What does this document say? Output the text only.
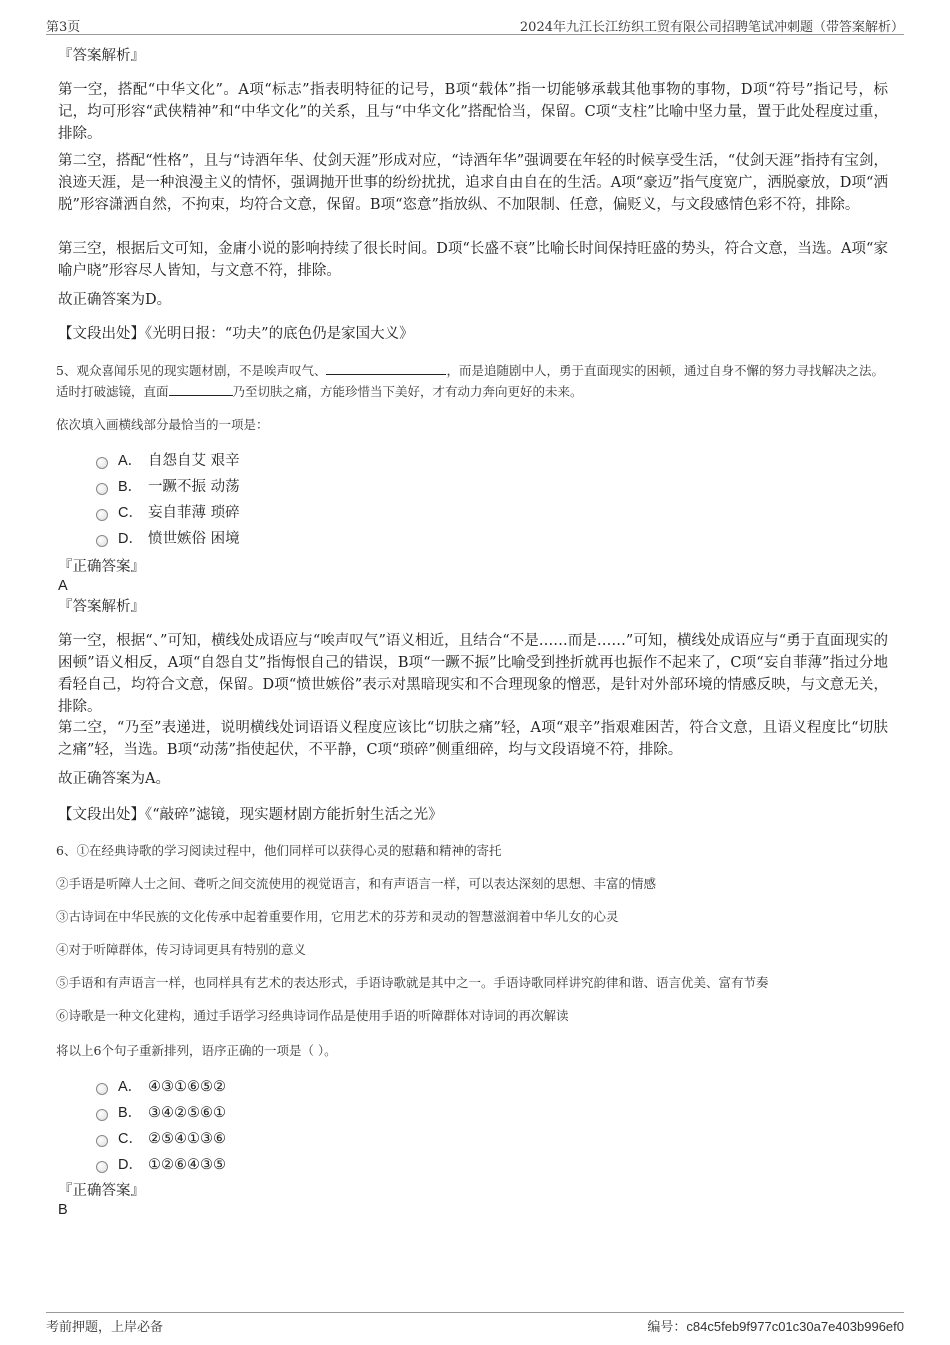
第3页	2024年九江长江纺织工贸有限公司招聘笔试冲刺题（带答案解析）
『答案解析』
第一空，搭配“中华文化”。A项“标志”指表明特征的记号，B项“载体”指一切能够承载其他事物的事物，D项“符号”指记号，标记，均可形容“武侠精神”和“中华文化”的关系，且与“中华文化”搭配恰当，保留。C项“支柱”比喻中坚力量，置于此处程度过重，排除。
第二空，搭配“性格”，且与“诗酒年华、仗剑天涯”形成对应，“诗酒年华”强调要在年轻的时候享受生活，“仗剑天涯”指持有宝剑，浪迹天涯，是一种浪漫主义的情怀，强调抛开世事的纷纷扰扰，追求自由自在的生活。A项“豪迈”指气度宽广，洒脱豪放，D项“洒脱”形容潇洒自然，不拘束，均符合文意，保留。B项“恣意”指放纵、不加限制、任意，偏贬义，与文段感情色彩不符，排除。
第三空，根据后文可知，金庸小说的影响持续了很长时间。D项“长盛不衰”比喻长时间保持旺盛的势头，符合文意，当选。A项“家喻户晓”形容尽人皆知，与文意不符，排除。
故正确答案为D。
【文段出处】《光明日报：“功夫”的底色仍是家国大义》
5、观众喜闻乐见的现实题材剧，不是唉声叹气、	，而是追随剧中人，勇于直面现实的困顿，通过自身不懈的努力寻找解决之法。适时打破滤镜，直面	乃至切肤之痛，方能珍惜当下美好，才有动力奔向更好的未来。
依次填入画横线部分最恰当的一项是：
A． 自怨自艾 艰辛
B． 一蹶不振 动荡
C． 妄自菲薄 琐碎
D． 愤世嫉俗 困境
『正确答案』
A
『答案解析』
第一空，根据“、”可知，横线处成语应与“唉声叹气”语义相近，且结合“不是……而是……”可知，横线处成语应与“勇于直面现实的困顿”语义相反，A项“自怨自艾”指悔恨自己的错误，B项“一蹶不振”比喻受到挫折就再也振作不起来了，C项“妄自菲薄”指过分地看轻自己，均符合文意，保留。D项“愤世嫉俗”表示对黑暗现实和不合理现象的憎恶，是针对外部环境的情感反映，与文意无关，排除。
第二空，“乃至”表递进，说明横线处词语语义程度应该比“切肤之痛”轻，A项“艰辛”指艰难困苦，符合文意，且语义程度比“切肤之痛”轻，当选。B项“动荡”指使起伏，不平静，C项“琐碎”侧重细碎，均与文段语境不符，排除。
故正确答案为A。
【文段出处】《“敲碎”滤镜，现实题材剧方能折射生活之光》
6、①在经典诗歌的学习阅读过程中，他们同样可以获得心灵的慰藉和精神的寄托
②手语是听障人士之间、聋听之间交流使用的视觉语言，和有声语言一样，可以表达深刻的思想、丰富的情感
③古诗词在中华民族的文化传承中起着重要作用，它用艺术的芬芳和灵动的智慧滋润着中华儿女的心灵
④对于听障群体，传习诗词更具有特别的意义
⑤手语和有声语言一样，也同样具有艺术的表达形式，手语诗歌就是其中之一。手语诗歌同样讲究韵律和谐、语言优美、富有节奏
⑥诗歌是一种文化建构，通过手语学习经典诗词作品是使用手语的听障群体对诗词的再次解读
将以上6个句子重新排列，语序正确的一项是（ ）。
A． ④③①⑥⑤②
B． ③④②⑤⑥①
C． ②⑤④①③⑥
D． ①②⑥④③⑤
『正确答案』
B
考前押题，上岸必备	编号：c84c5feb9f977c01c30a7e403b996ef0
